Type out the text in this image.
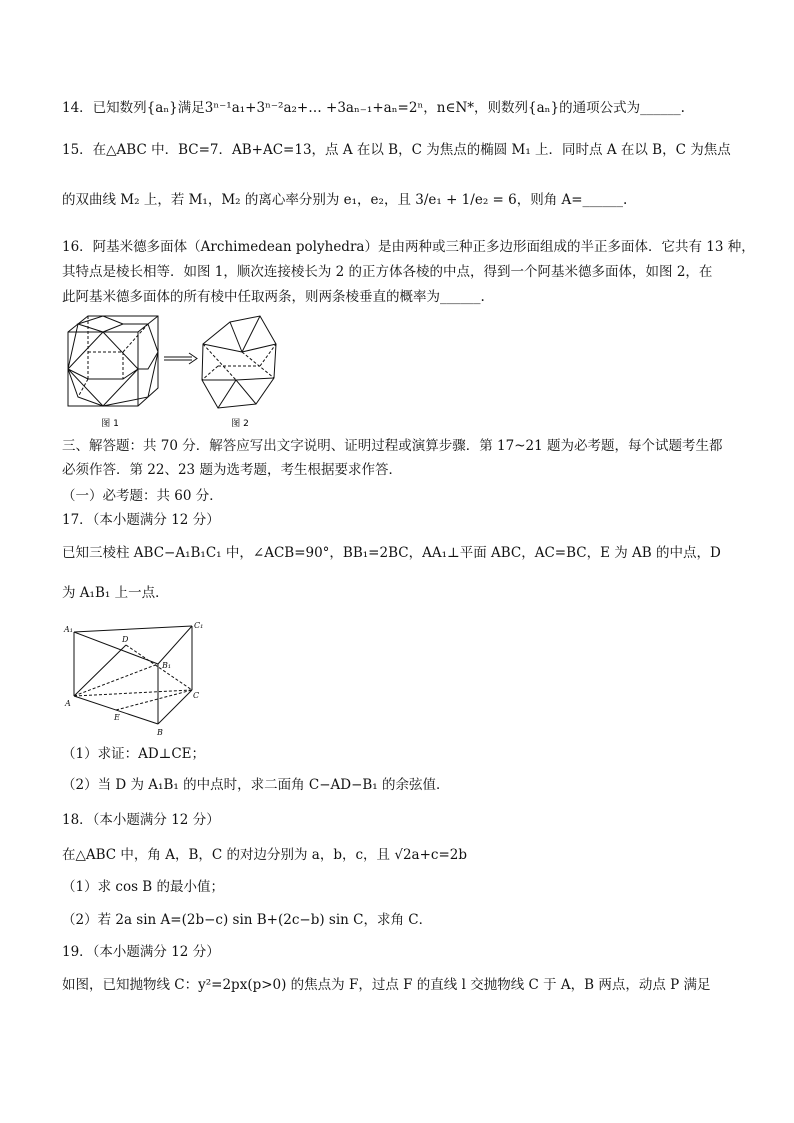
14．已知数列{aₙ}满足3ⁿ⁻¹a₁+3ⁿ⁻²a₂+… +3aₙ₋₁+aₙ=2ⁿ，n∈N*，则数列{aₙ}的通项公式为______.
15．在△ABC 中．BC=7．AB+AC=13，点 A 在以 B，C 为焦点的椭圆 M₁ 上．同时点 A 在以 B，C 为焦点
的双曲线 M₂ 上，若 M₁，M₂ 的离心率分别为 e₁，e₂，且 3/e₁ + 1/e₂ = 6，则角 A=______.
16．阿基米德多面体（Archimedean polyhedra）是由两种或三种正多边形面组成的半正多面体．它共有 13 种，
其特点是棱长相等．如图 1，顺次连接棱长为 2 的正方体各棱的中点，得到一个阿基米德多面体，如图 2，在
此阿基米德多面体的所有棱中任取两条，则两条棱垂直的概率为______.
图 1	图 2
三、解答题：共 70 分．解答应写出文字说明、证明过程或演算步骤．第 17~21 题为必考题，每个试题考生都
必须作答．第 22、23 题为选考题，考生根据要求作答．
（一）必考题：共 60 分．
17．（本小题满分 12 分）
已知三棱柱 ABC−A₁B₁C₁ 中，∠ACB=90°，BB₁=2BC，AA₁⊥平面 ABC，AC=BC，E 为 AB 的中点，D
为 A₁B₁ 上一点．
A₁	C₁
D
B₁
A
C
E
B
（1）求证：AD⊥CE；
（2）当 D 为 A₁B₁ 的中点时，求二面角 C−AD−B₁ 的余弦值．
18．（本小题满分 12 分）
在△ABC 中，角 A，B，C 的对边分别为 a，b，c，且 √2a+c=2b
（1）求 cos B 的最小值；
（2）若 2a sin A=(2b−c) sin B+(2c−b) sin C，求角 C．
19．（本小题满分 12 分）
如图，已知抛物线 C：y²=2px(p>0) 的焦点为 F，过点 F 的直线 l 交抛物线 C 于 A，B 两点，动点 P 满足
